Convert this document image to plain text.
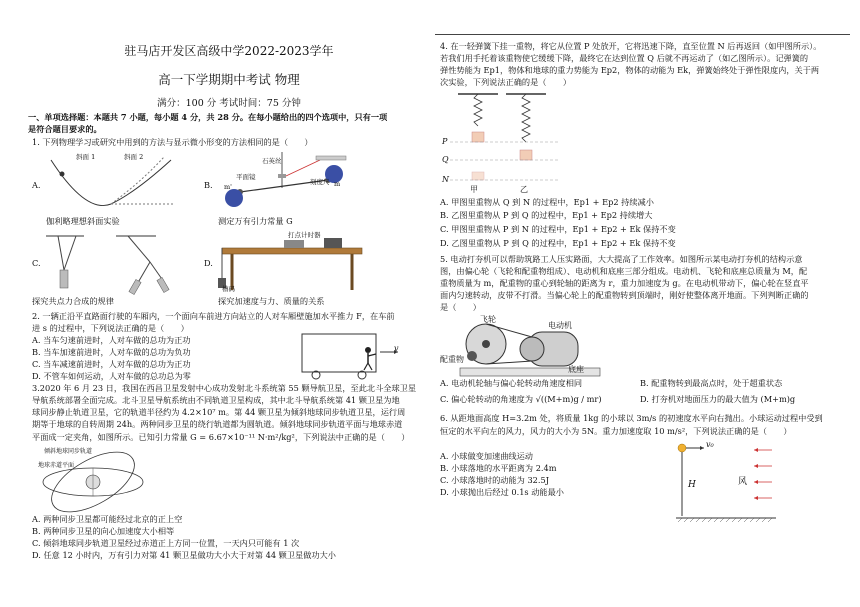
驻马店开发区高级中学2022-2023学年
高一下学期期中考试 物理
满分：100 分 考试时间：75 分钟
一、单项选择题：本题共 7 小题，每小题 4 分，共 28 分。在每小题给出的四个选项中，只有一项
是符合题目要求的。
1. 下列物理学习或研究中用到的方法与显示微小形变的方法相同的是（　　）
A.
斜面 1	斜面 2
伽利略理想斜面实验
B.
石英丝
平面镜
刻度尺
m'	m
测定万有引力常量 G
C.
探究共点力合成的规律
D.
打点计时器
槽码
探究加速度与力、质量的关系
2. 一辆正沿平直路面行驶的车厢内，一个面向车前进方向站立的人对车厢壁施加水平推力 F，在车前
进 s 的过程中，下列说法正确的是（　　）
A. 当车匀速前进时，人对车做的总功为正功
B. 当车加速前进时，人对车做的总功为负功
C. 当车减速前进时，人对车做的总功为正功
D. 不管车如何运动，人对车做的总功总为零
v
3.2020 年 6 月 23 日，我国在西昌卫星发射中心成功发射北斗系统第 55 颗导航卫星，至此北斗全球卫星
导航系统部署全面完成。北斗卫星导航系统由不同轨道卫星构成，其中北斗导航系统第 41 颗卫星为地
球同步静止轨道卫星，它的轨道半径约为 4.2×10⁷ m。第 44 颗卫星为倾斜地球同步轨道卫星，运行周
期等于地球的自转周期 24h。两种同步卫星的绕行轨道都为圆轨道。倾斜地球同步轨道平面与地球赤道
平面成一定夹角，如图所示。已知引力常量 G = 6.67×10⁻¹¹ N·m²/kg²，下列说法中正确的是（　　）
倾斜地球同步轨道
地球赤道平面
A. 两种同步卫星都可能经过北京的正上空
B. 两种同步卫星的向心加速度大小相等
C. 倾斜地球同步轨道卫星经过赤道正上方同一位置，一天内只可能有 1 次
D. 任意 12 小时内，万有引力对第 41 颗卫星做功大小大于对第 44 颗卫星做功大小
4. 在一轻弹簧下挂一重物，将它从位置 P 处放开，它将迅速下降，直至位置 N 后再返回（如甲图所示）。
若我们用手托着该重物使它缓缓下降，最终它在达到位置 Q 后就不再运动了（如乙图所示）。记弹簧的
弹性势能为 Ep1，物体和地球的重力势能为 Ep2，物体的动能为 Ek，弹簧始终处于弹性限度内，关于两
次实验，下列说法正确的是（　　）
P
Q
N
甲	乙
A. 甲图里重物从 Q 到 N 的过程中，Ep1 + Ep2 持续减小
B. 乙图里重物从 P 到 Q 的过程中，Ep1 + Ep2 持续增大
C. 甲图里重物从 P 到 N 的过程中，Ep1 + Ep2 + Ek 保持不变
D. 乙图里重物从 P 到 Q 的过程中，Ep1 + Ep2 + Ek 保持不变
5. 电动打夯机可以帮助筑路工人压实路面，大大提高了工作效率。如图所示某电动打夯机的结构示意
图，由偏心轮（飞轮和配重物组成）、电动机和底座三部分组成。电动机、飞轮和底座总质量为 M，配
重物质量为 m，配重物的重心到轮轴的距离为 r，重力加速度为 g。在电动机带动下，偏心轮在竖直平
面内匀速转动，皮带不打滑。当偏心轮上的配重物转到顶端时，刚好使整体离开地面。下列判断正确的
是（　　）
飞轮
电动机
配重物
底座
A. 电动机轮轴与偏心轮转动角速度相同	B. 配重物转到最高点时，处于超重状态
C. 偏心轮转动的角速度为 √((M+m)g / mr)	D. 打夯机对地面压力的最大值为 (M+m)g
6. 从距地面高度 H=3.2m 处，将质量 1kg 的小球以 3m/s 的初速度水平向右抛出。小球运动过程中受到
恒定的水平向左的风力，风力的大小为 5N。重力加速度取 10 m/s²，下列说法正确的是（　　）
A. 小球做变加速曲线运动
B. 小球落地的水平距离为 2.4m
C. 小球落地时的动能为 32.5J
D. 小球抛出后经过 0.1s 动能最小
v₀
H	风
